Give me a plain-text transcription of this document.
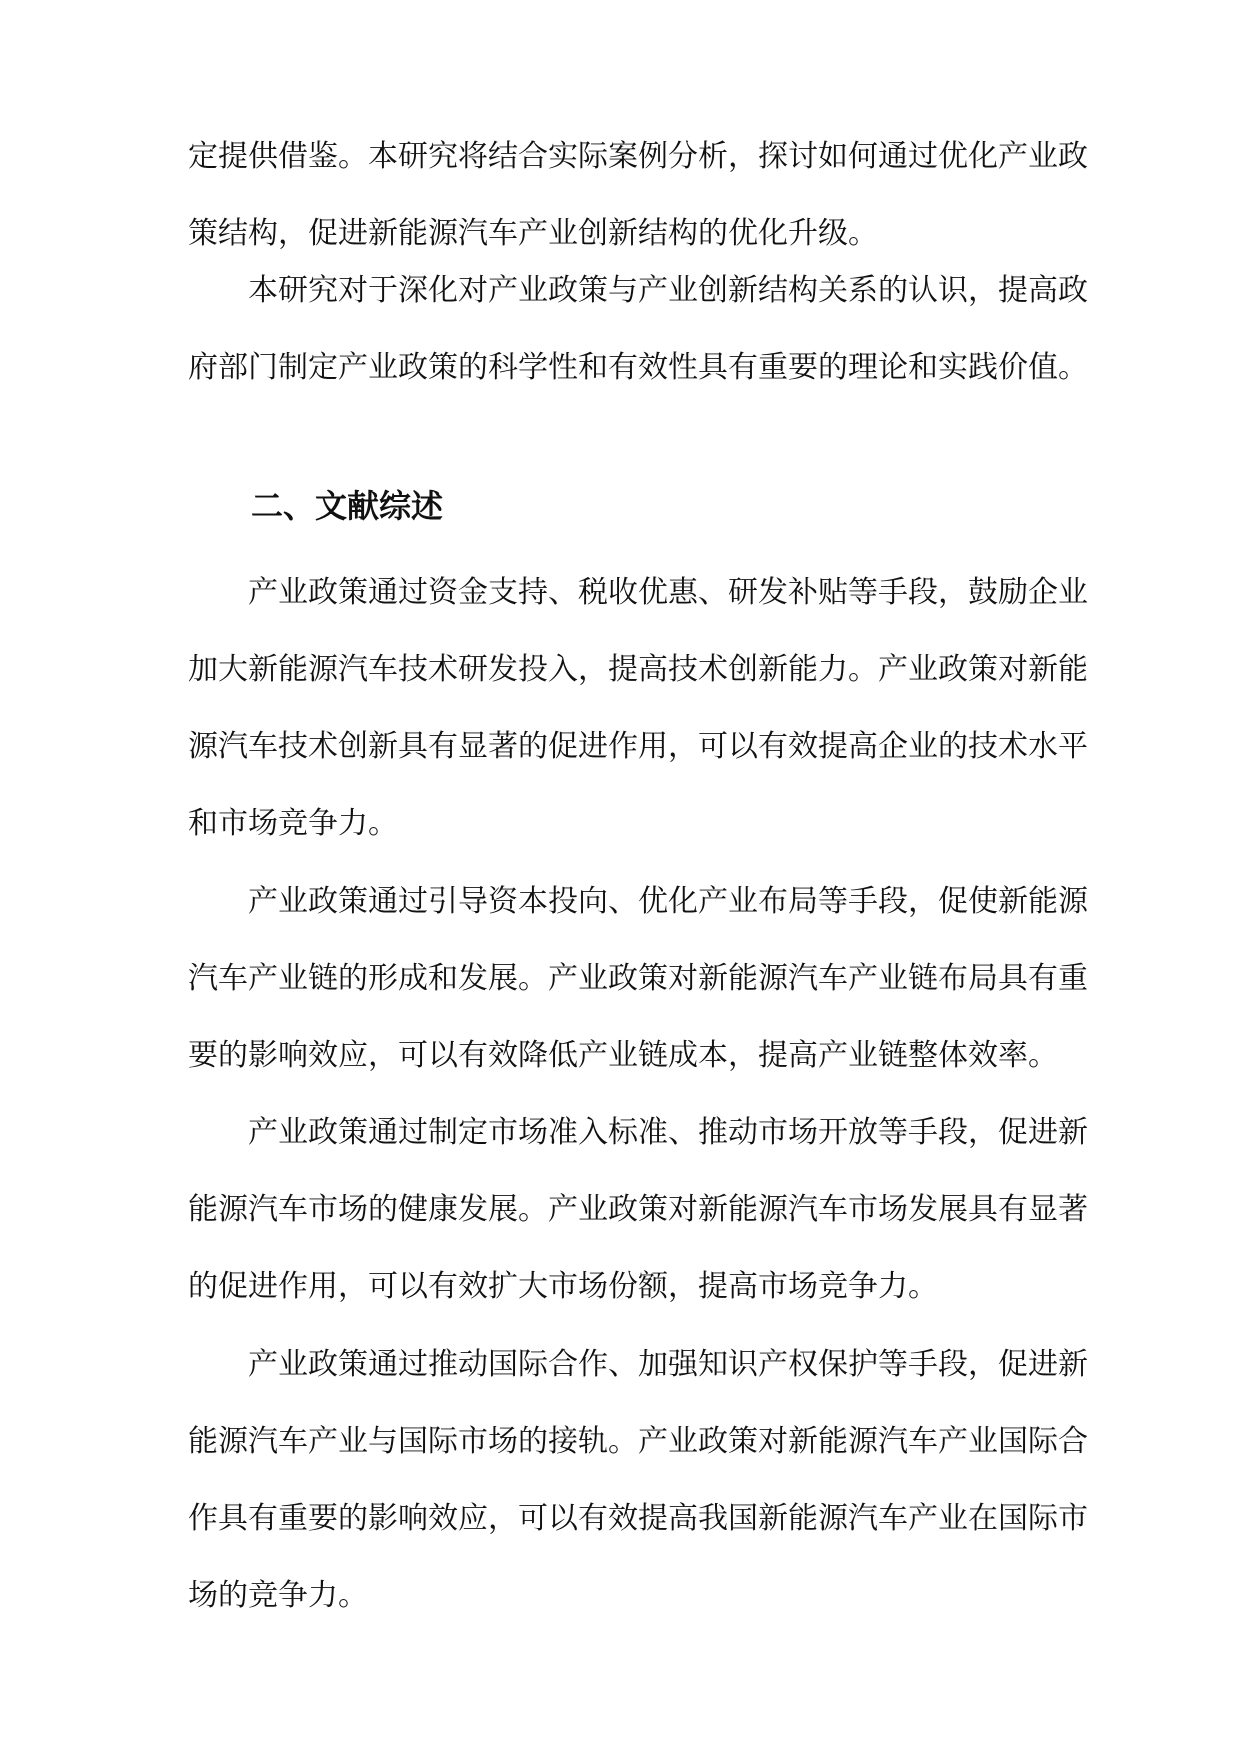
定提供借鉴。本研究将结合实际案例分析，探讨如何通过优化产业政
策结构，促进新能源汽车产业创新结构的优化升级。
本研究对于深化对产业政策与产业创新结构关系的认识，提高政
府部门制定产业政策的科学性和有效性具有重要的理论和实践价值。
二、文献综述
产业政策通过资金支持、税收优惠、研发补贴等手段，鼓励企业
加大新能源汽车技术研发投入，提高技术创新能力。产业政策对新能
源汽车技术创新具有显著的促进作用，可以有效提高企业的技术水平
和市场竞争力。
产业政策通过引导资本投向、优化产业布局等手段，促使新能源
汽车产业链的形成和发展。产业政策对新能源汽车产业链布局具有重
要的影响效应，可以有效降低产业链成本，提高产业链整体效率。
产业政策通过制定市场准入标准、推动市场开放等手段，促进新
能源汽车市场的健康发展。产业政策对新能源汽车市场发展具有显著
的促进作用，可以有效扩大市场份额，提高市场竞争力。
产业政策通过推动国际合作、加强知识产权保护等手段，促进新
能源汽车产业与国际市场的接轨。产业政策对新能源汽车产业国际合
作具有重要的影响效应，可以有效提高我国新能源汽车产业在国际市
场的竞争力。
